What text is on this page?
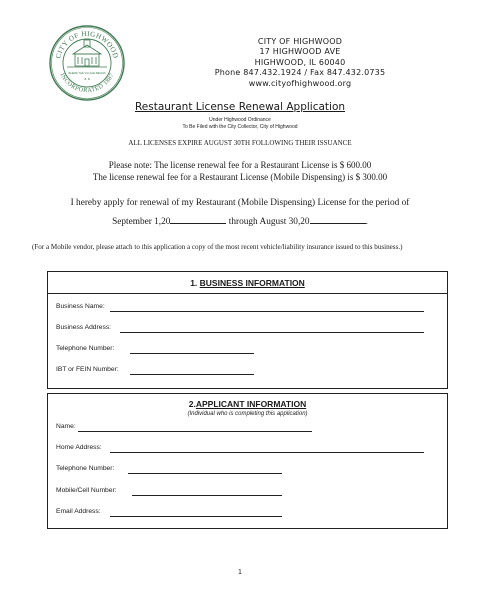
CITY OF HIGHWOOD
INCORPORATED 1887
WHERE THE VILLAGE BEGINS
★ ★
CITY OF HIGHWOOD
17 HIGHWOOD AVE
HIGHWOOD, IL 60040
Phone 847.432.1924 / Fax 847.432.0735
www.cityofhighwood.org
Restaurant License Renewal Application
Under Highwood Ordinance
To Be Filed with the City Collector, City of Highwood
ALL LICENSES EXPIRE AUGUST 30TH FOLLOWING THEIR ISSUANCE
Please note: The license renewal fee for a Restaurant License is $ 600.00
The license renewal fee for a Restaurant License (Mobile Dispensing) is $ 300.00
I hereby apply for renewal of my Restaurant (Mobile Dispensing) License for the period of
September 1,20	through August 30,20	.
(For a Mobile vendor, please attach to this application a copy of the most recent vehicle/liability insurance issued to this business.)
1. BUSINESS INFORMATION
Business Name:
Business Address:
Telephone Number:
IBT or FEIN Number:
2.APPLICANT INFORMATION
(Individual who is completing this application)
Name:
Home Address:
Telephone Number:
Mobile/Cell Number:
Email Address:
1
